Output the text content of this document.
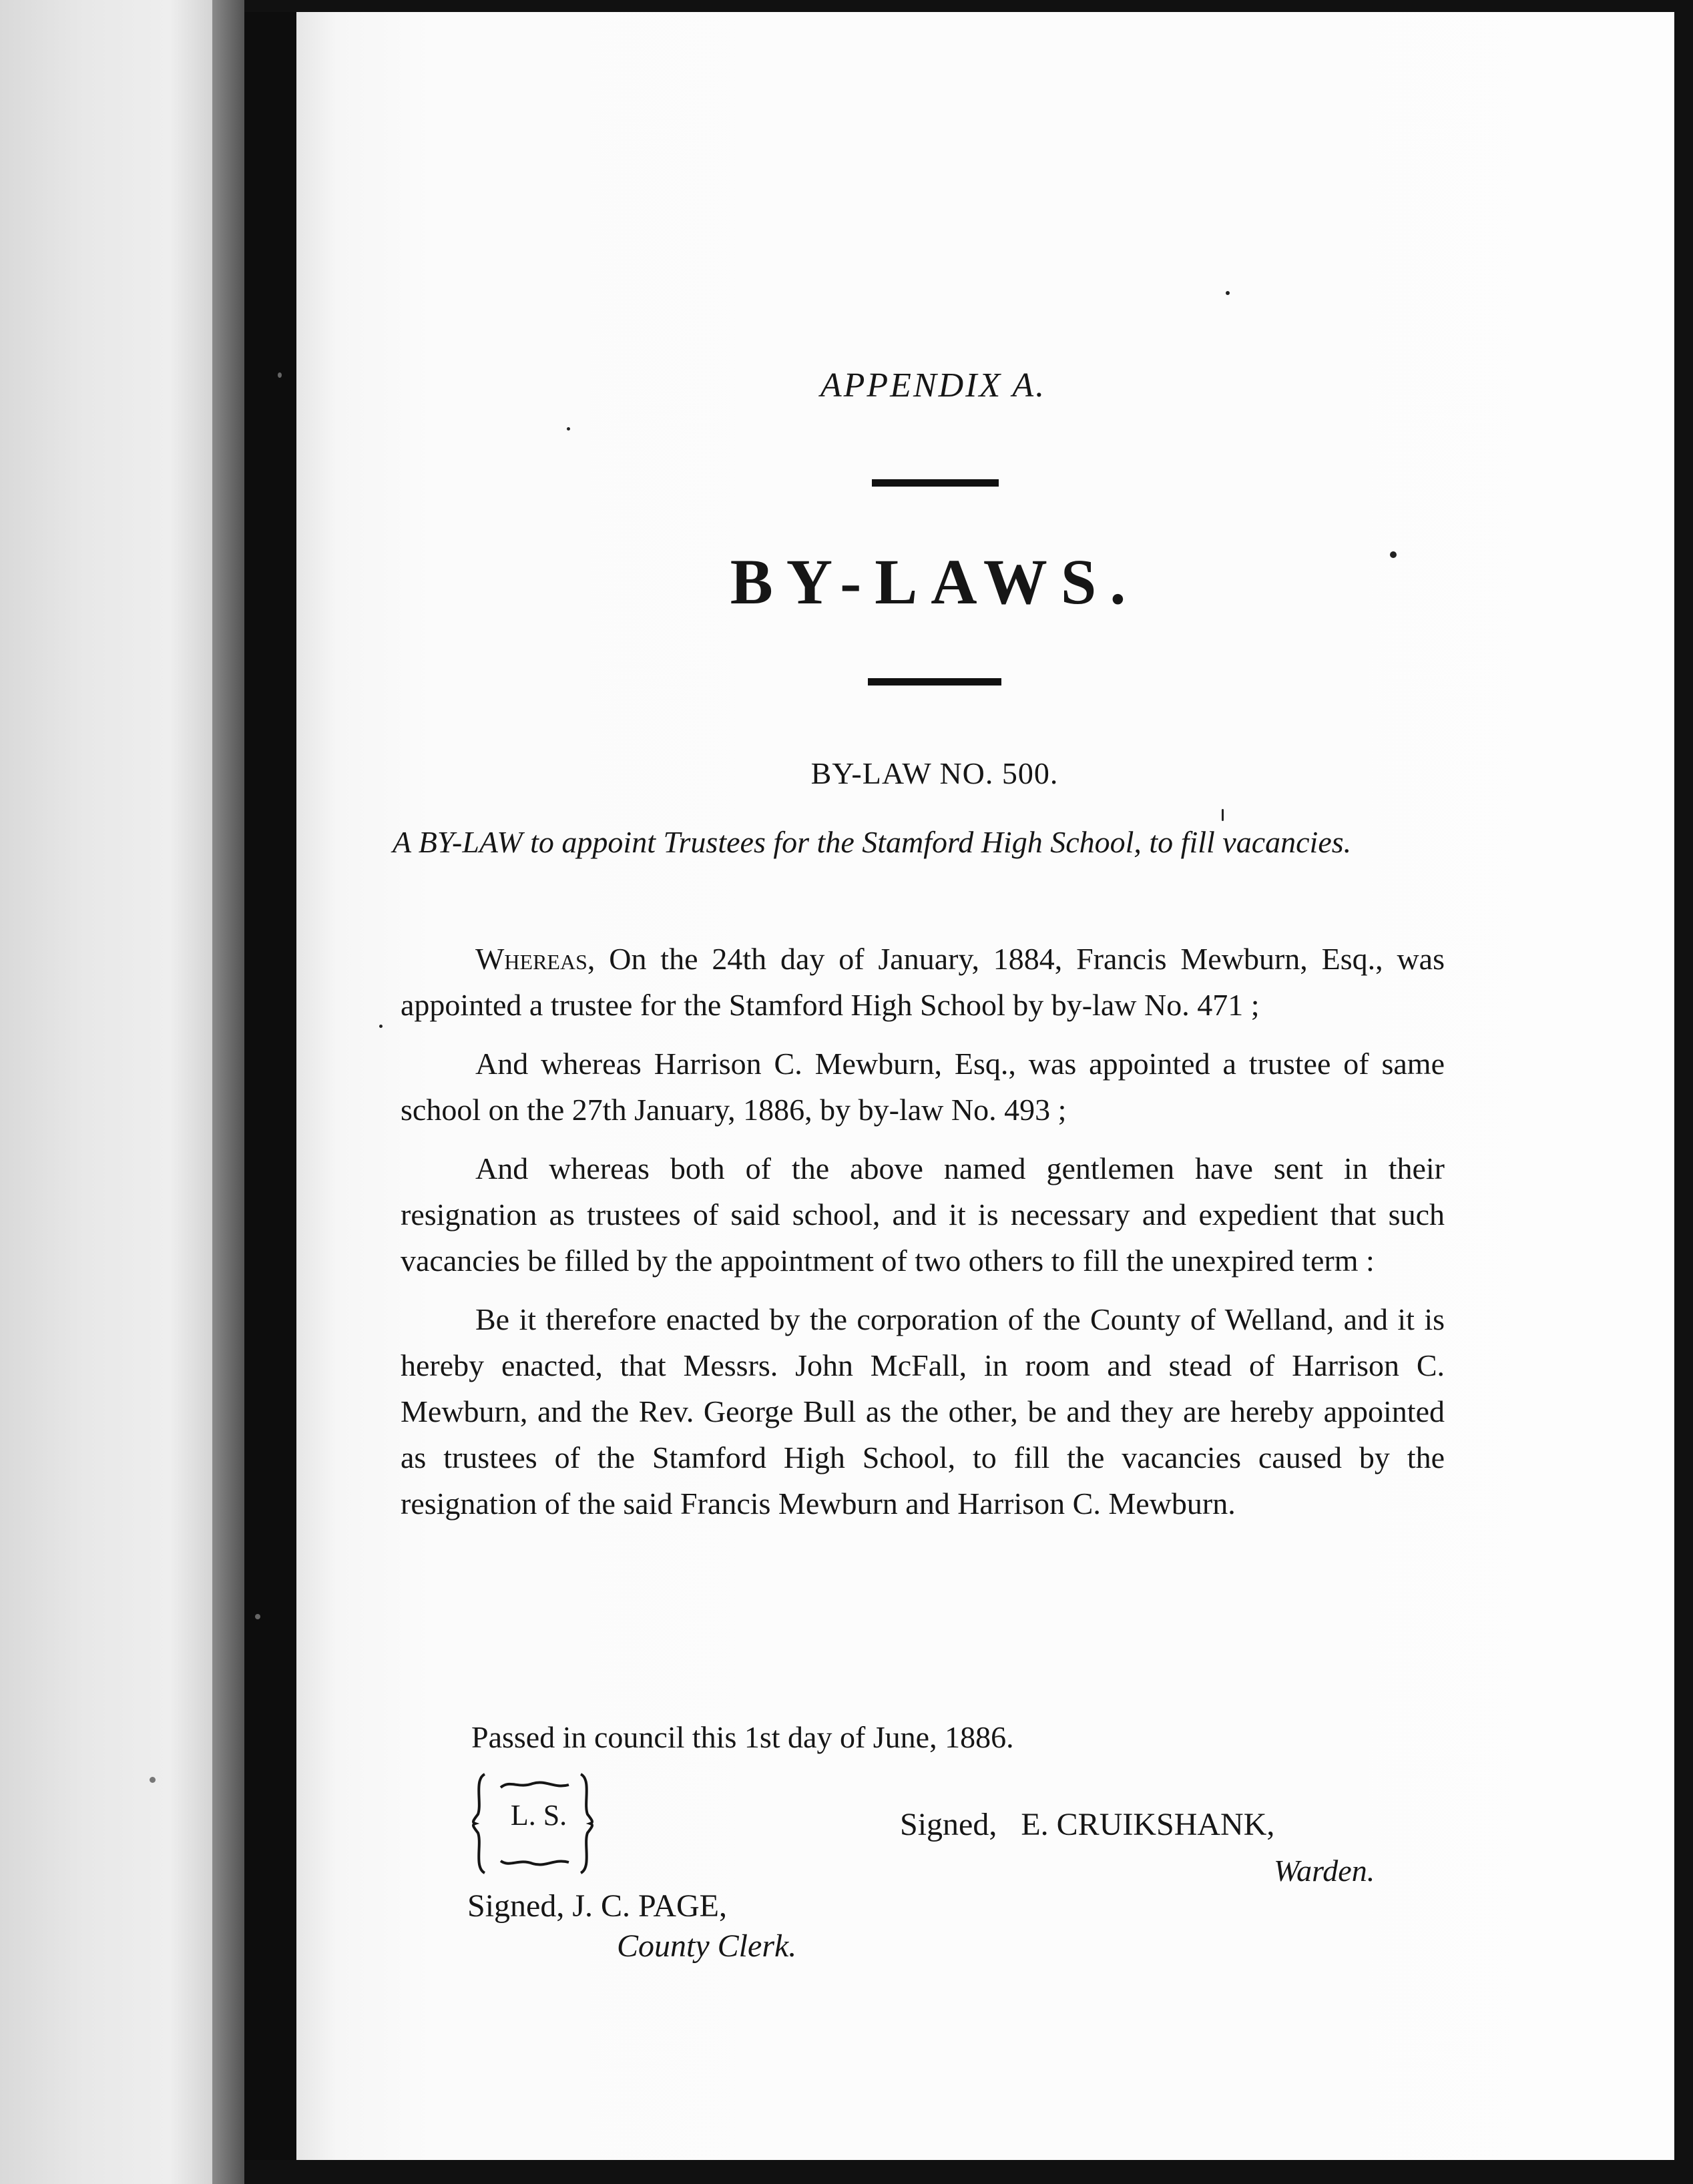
APPENDIX A.
BY-LAWS.
BY-LAW NO. 500.
A BY-LAW to appoint Trustees for the Stamford High School, to fill vacancies.

Whereas, On the 24th day of January, 1884, Francis Mewburn, Esq., was appointed a trustee for the Stamford High School by by-law No. 471 ;

And whereas Harrison C. Mewburn, Esq., was appointed a trustee of same school on the 27th January, 1886, by by-law No. 493 ;

And whereas both of the above named gentlemen have sent in their resignation as trustees of said school, and it is necessary and expedient that such vacancies be filled by the appointment of two others to fill the unexpired term :

Be it therefore enacted by the corporation of the County of Welland, and it is hereby enacted, that Messrs. John McFall, in room and stead of Harrison C. Mewburn, and the Rev. George Bull as the other, be and they are hereby appointed as trustees of the Stamford High School, to fill the vacancies caused by the resignation of the said Francis Mewburn and Harrison C. Mewburn.

Passed in council this 1st day of June, 1886.
L. S.
Signed, J. C. PAGE,
County Clerk.
Signed,   E. CRUIKSHANK,
Warden.
